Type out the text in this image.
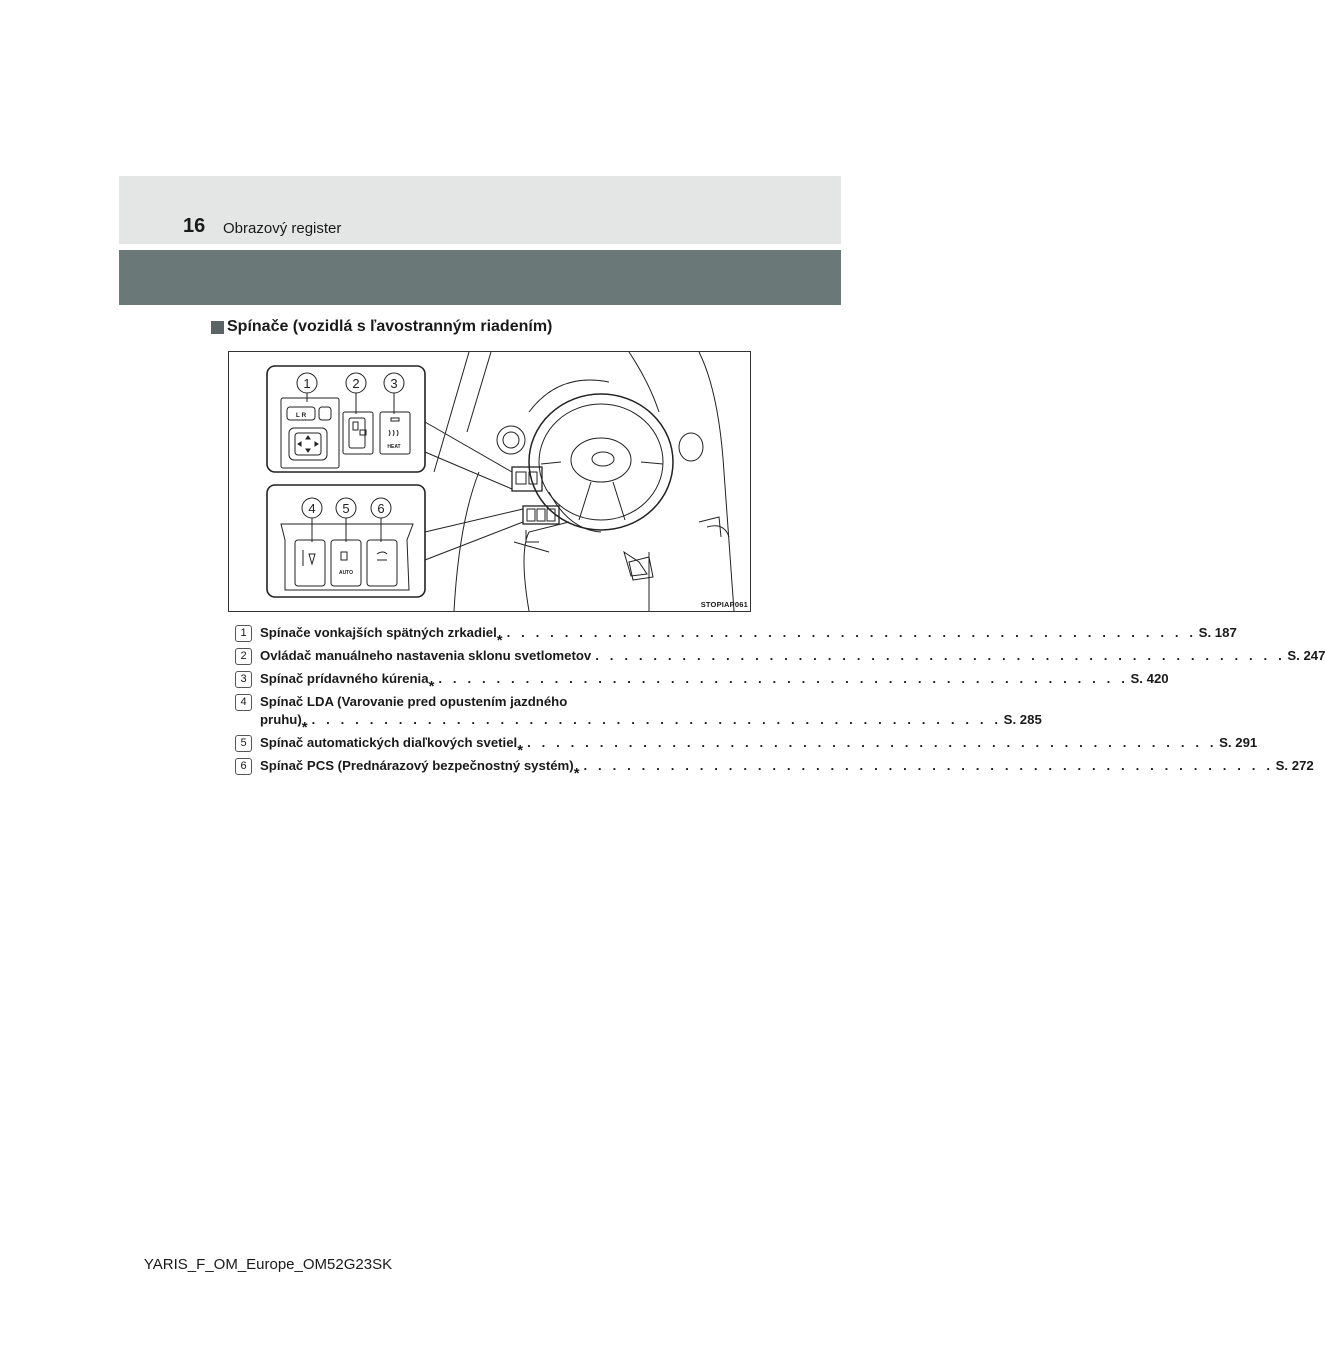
16 Obrazový register
Spínače (vozidlá s ľavostranným riadením)
HEAT
L R
1	2 3
AUTO
4 5 6
STOPIAP061
1	Spínače vonkajších spätných zrkadiel* . . . . . . . . . . . . . . . . . . . . . . . . . . . . . . . . . . . . . . . . . . . . . . . . S. 187
2	Ovládač manuálneho nastavenia sklonu svetlometov . . . . . . . . . . . . . . . . . . . . . . . . . . . . . . . . . . . . . . . . . . . . . . . . S. 247
3	Spínač prídavného kúrenia* . . . . . . . . . . . . . . . . . . . . . . . . . . . . . . . . . . . . . . . . . . . . . . . . S. 420
4	Spínač LDA (Varovanie pred opustením jazdného
pruhu)* . . . . . . . . . . . . . . . . . . . . . . . . . . . . . . . . . . . . . . . . . . . . . . . . S. 285
5	Spínač automatických diaľkových svetiel* . . . . . . . . . . . . . . . . . . . . . . . . . . . . . . . . . . . . . . . . . . . . . . . . S. 291
6	Spínač PCS (Prednárazový bezpečnostný systém)* . . . . . . . . . . . . . . . . . . . . . . . . . . . . . . . . . . . . . . . . . . . . . . . . S. 272
YARIS_F_OM_Europe_OM52G23SK
